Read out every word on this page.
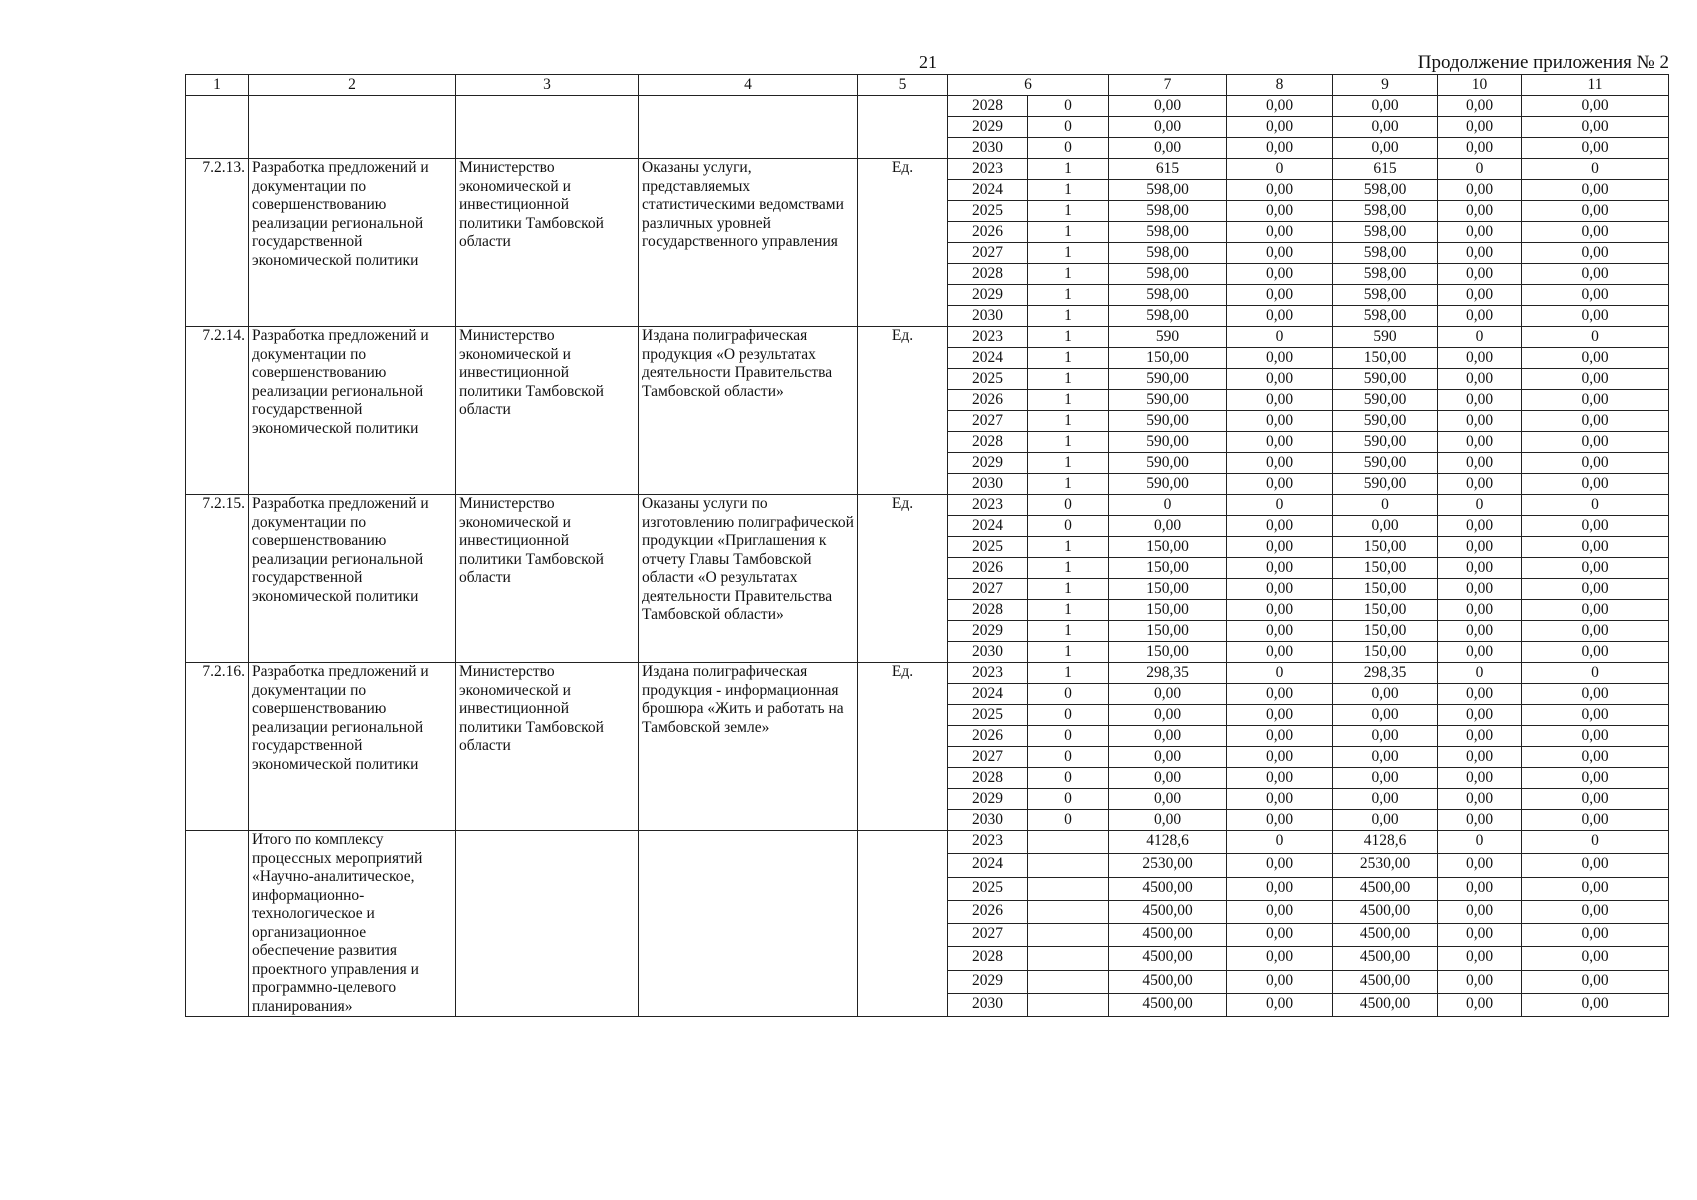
21	Продолжение приложения № 2
1	2	3	4	5	6		7	8	9	10	11
					2028	0	0,00	0,00	0,00	0,00	0,00
					2029	0	0,00	0,00	0,00	0,00	0,00
					2030	0	0,00	0,00	0,00	0,00	0,00
7.2.13.	Разработка предложений и документации по совершенствованию реализации региональной государственной экономической политики	Министерство экономической и инвестиционной политики Тамбовской области	Оказаны услуги, представляемых статистическими ведомствами различных уровней государственного управления	Ед.	2023	1	615	0	615	0	0
					2024	1	598,00	0,00	598,00	0,00	0,00
					2025	1	598,00	0,00	598,00	0,00	0,00
					2026	1	598,00	0,00	598,00	0,00	0,00
					2027	1	598,00	0,00	598,00	0,00	0,00
					2028	1	598,00	0,00	598,00	0,00	0,00
					2029	1	598,00	0,00	598,00	0,00	0,00
					2030	1	598,00	0,00	598,00	0,00	0,00
7.2.14.	Разработка предложений и документации по совершенствованию реализации региональной государственной экономической политики	Министерство экономической и инвестиционной политики Тамбовской области	Издана полиграфическая продукция «О результатах деятельности Правительства Тамбовской области»	Ед.	2023	1	590	0	590	0	0
					2024	1	150,00	0,00	150,00	0,00	0,00
					2025	1	590,00	0,00	590,00	0,00	0,00
					2026	1	590,00	0,00	590,00	0,00	0,00
					2027	1	590,00	0,00	590,00	0,00	0,00
					2028	1	590,00	0,00	590,00	0,00	0,00
					2029	1	590,00	0,00	590,00	0,00	0,00
					2030	1	590,00	0,00	590,00	0,00	0,00
7.2.15.	Разработка предложений и документации по совершенствованию реализации региональной государственной экономической политики	Министерство экономической и инвестиционной политики Тамбовской области	Оказаны услуги по изготовлению полиграфической продукции «Приглашения к отчету Главы Тамбовской области «О результатах деятельности Правительства Тамбовской области»	Ед.	2023	0	0	0	0	0	0
					2024	0	0,00	0,00	0,00	0,00	0,00
					2025	1	150,00	0,00	150,00	0,00	0,00
					2026	1	150,00	0,00	150,00	0,00	0,00
					2027	1	150,00	0,00	150,00	0,00	0,00
					2028	1	150,00	0,00	150,00	0,00	0,00
					2029	1	150,00	0,00	150,00	0,00	0,00
					2030	1	150,00	0,00	150,00	0,00	0,00
7.2.16.	Разработка предложений и документации по совершенствованию реализации региональной государственной экономической политики	Министерство экономической и инвестиционной политики Тамбовской области	Издана полиграфическая продукция - информационная брошюра «Жить и работать на Тамбовской земле»	Ед.	2023	1	298,35	0	298,35	0	0
					2024	0	0,00	0,00	0,00	0,00	0,00
					2025	0	0,00	0,00	0,00	0,00	0,00
					2026	0	0,00	0,00	0,00	0,00	0,00
					2027	0	0,00	0,00	0,00	0,00	0,00
					2028	0	0,00	0,00	0,00	0,00	0,00
					2029	0	0,00	0,00	0,00	0,00	0,00
					2030	0	0,00	0,00	0,00	0,00	0,00
	Итого по комплексу процессных мероприятий «Научно-аналитическое, информационно-технологическое и организационное обеспечение развития проектного управления и программно-целевого планирования»				2023		4128,6	0	4128,6	0	0
					2024		2530,00	0,00	2530,00	0,00	0,00
					2025		4500,00	0,00	4500,00	0,00	0,00
					2026		4500,00	0,00	4500,00	0,00	0,00
					2027		4500,00	0,00	4500,00	0,00	0,00
					2028		4500,00	0,00	4500,00	0,00	0,00
					2029		4500,00	0,00	4500,00	0,00	0,00
					2030		4500,00	0,00	4500,00	0,00	0,00
